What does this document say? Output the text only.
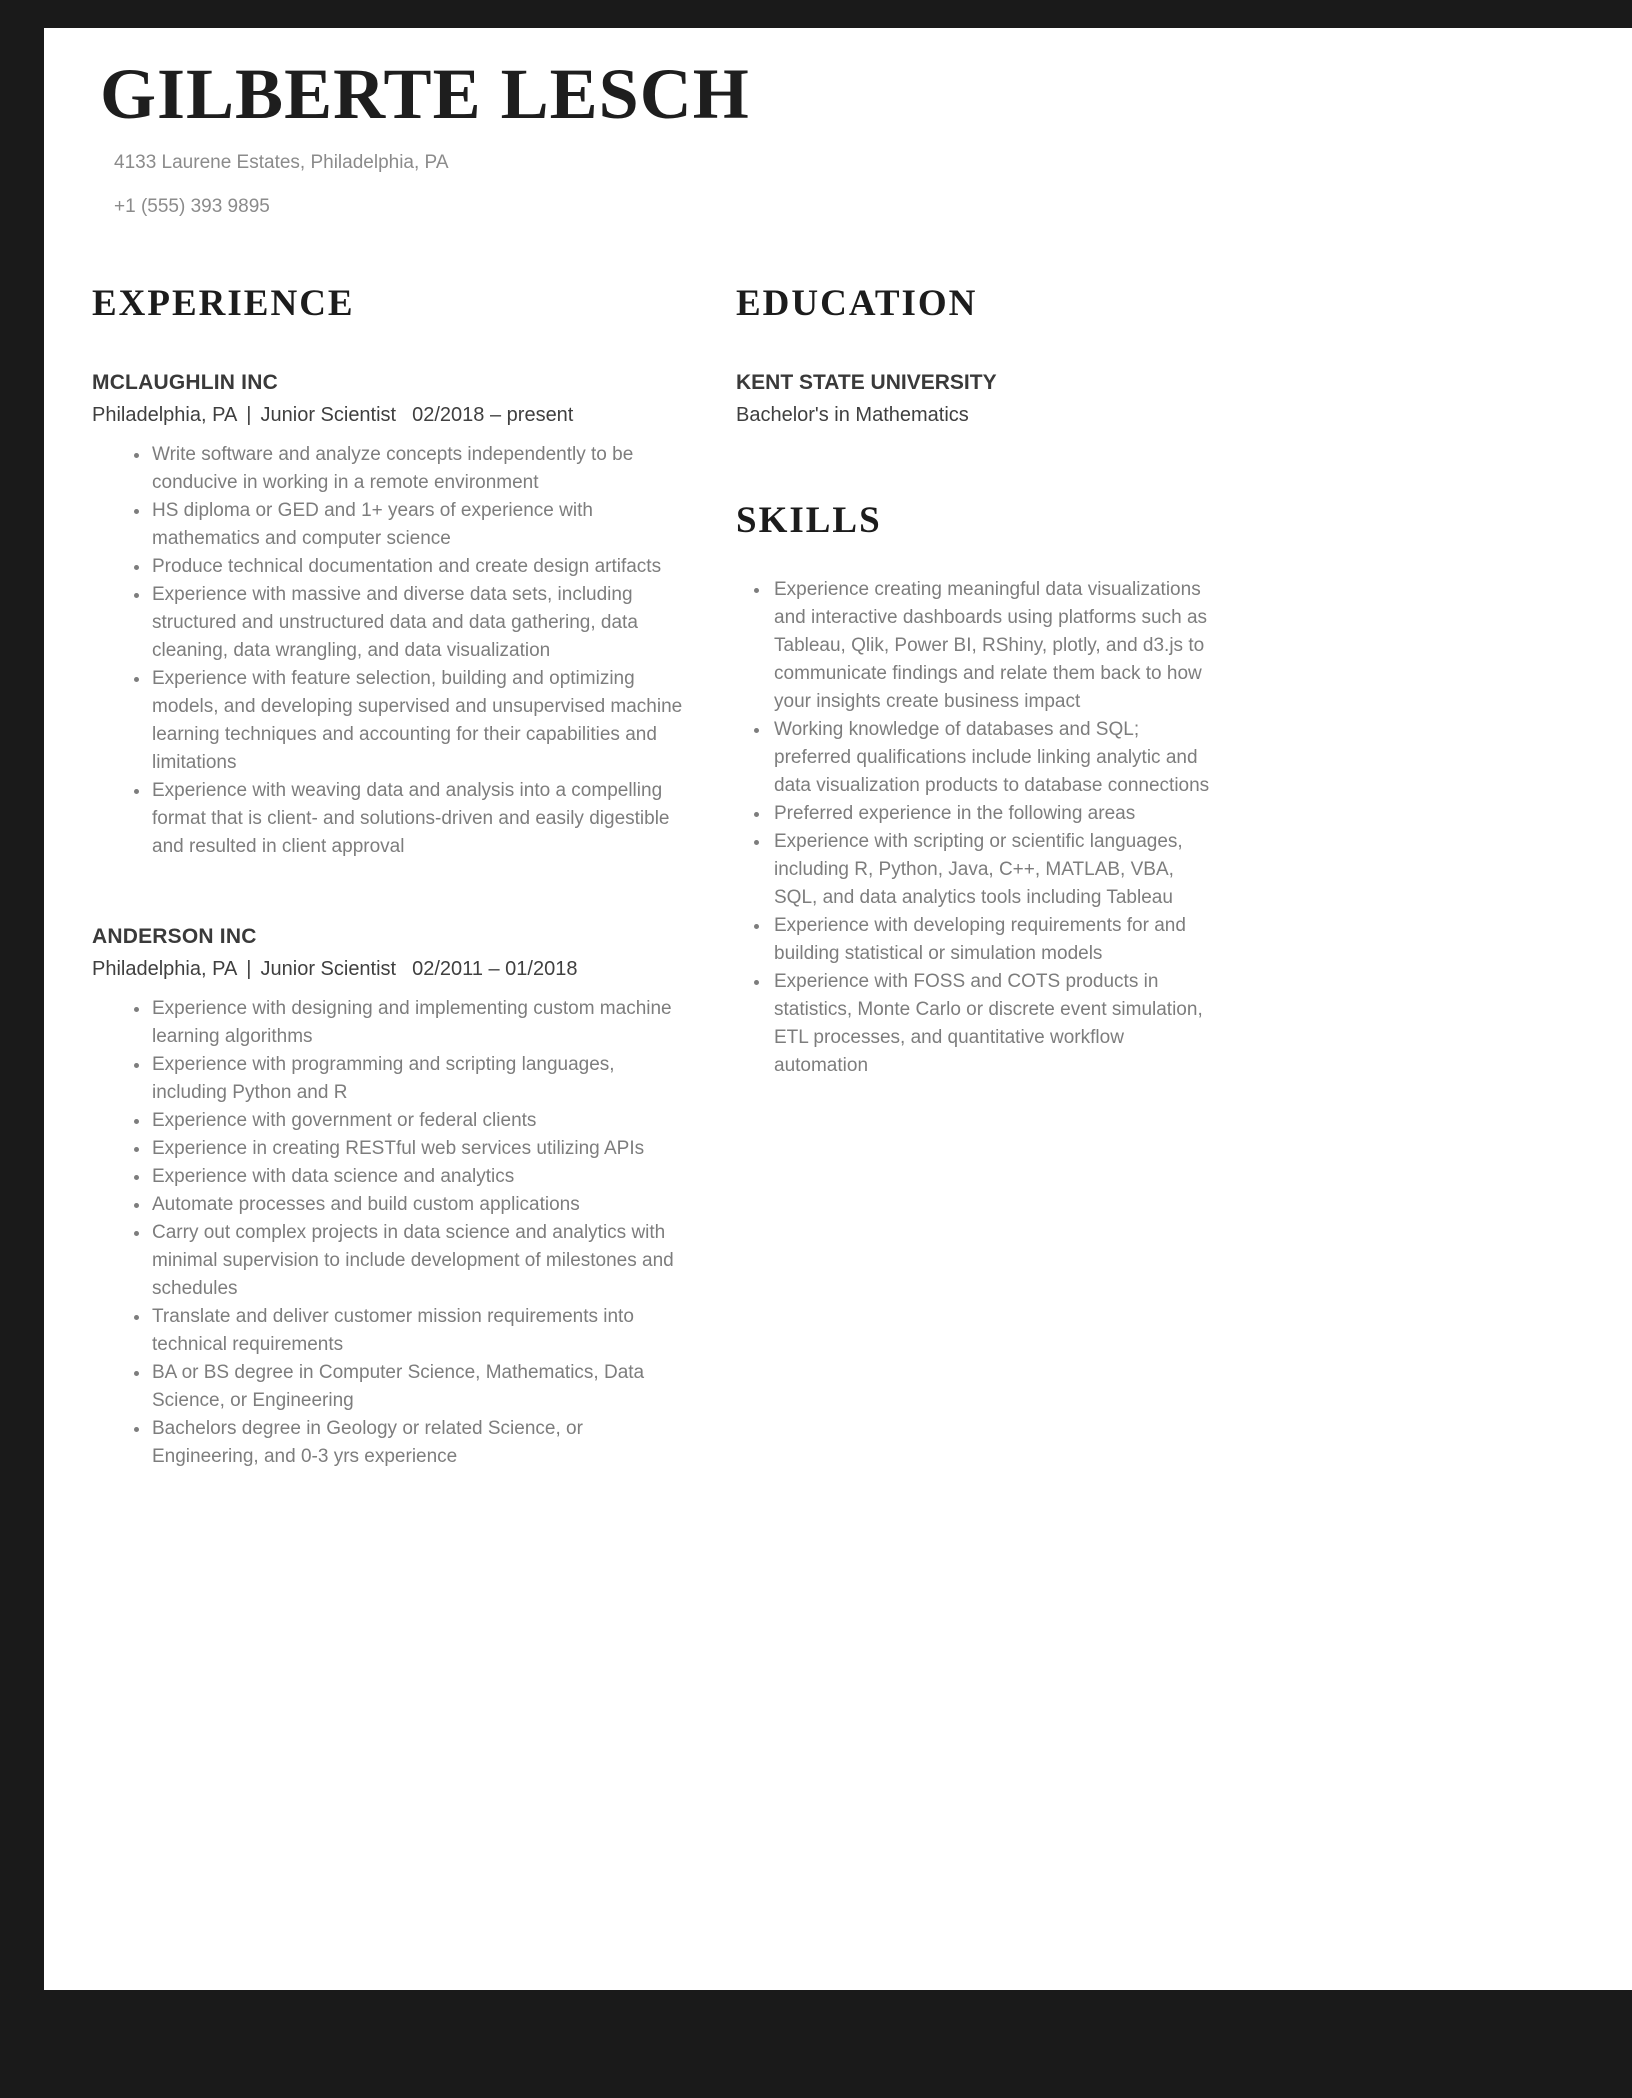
GILBERTE LESCH
4133 Laurene Estates, Philadelphia, PA
+1 (555) 393 9895
EXPERIENCE
MCLAUGHLIN INC
Philadelphia, PA | Junior Scientist 02/2018 – present
• Write software and analyze concepts independently to be conducive in working in a remote environment
• HS diploma or GED and 1+ years of experience with mathematics and computer science
• Produce technical documentation and create design artifacts
• Experience with massive and diverse data sets, including structured and unstructured data and data gathering, data cleaning, data wrangling, and data visualization
• Experience with feature selection, building and optimizing models, and developing supervised and unsupervised machine learning techniques and accounting for their capabilities and limitations
• Experience with weaving data and analysis into a compelling format that is client- and solutions-driven and easily digestible and resulted in client approval
ANDERSON INC
Philadelphia, PA | Junior Scientist 02/2011 – 01/2018
• Experience with designing and implementing custom machine learning algorithms
• Experience with programming and scripting languages, including Python and R
• Experience with government or federal clients
• Experience in creating RESTful web services utilizing APIs
• Experience with data science and analytics
• Automate processes and build custom applications
• Carry out complex projects in data science and analytics with minimal supervision to include development of milestones and schedules
• Translate and deliver customer mission requirements into technical requirements
• BA or BS degree in Computer Science, Mathematics, Data Science, or Engineering
• Bachelors degree in Geology or related Science, or Engineering, and 0-3 yrs experience
EDUCATION
KENT STATE UNIVERSITY
Bachelor's in Mathematics
SKILLS
• Experience creating meaningful data visualizations and interactive dashboards using platforms such as Tableau, Qlik, Power BI, RShiny, plotly, and d3.js to communicate findings and relate them back to how your insights create business impact
• Working knowledge of databases and SQL; preferred qualifications include linking analytic and data visualization products to database connections
• Preferred experience in the following areas
• Experience with scripting or scientific languages, including R, Python, Java, C++, MATLAB, VBA, SQL, and data analytics tools including Tableau
• Experience with developing requirements for and building statistical or simulation models
• Experience with FOSS and COTS products in statistics, Monte Carlo or discrete event simulation, ETL processes, and quantitative workflow automation
